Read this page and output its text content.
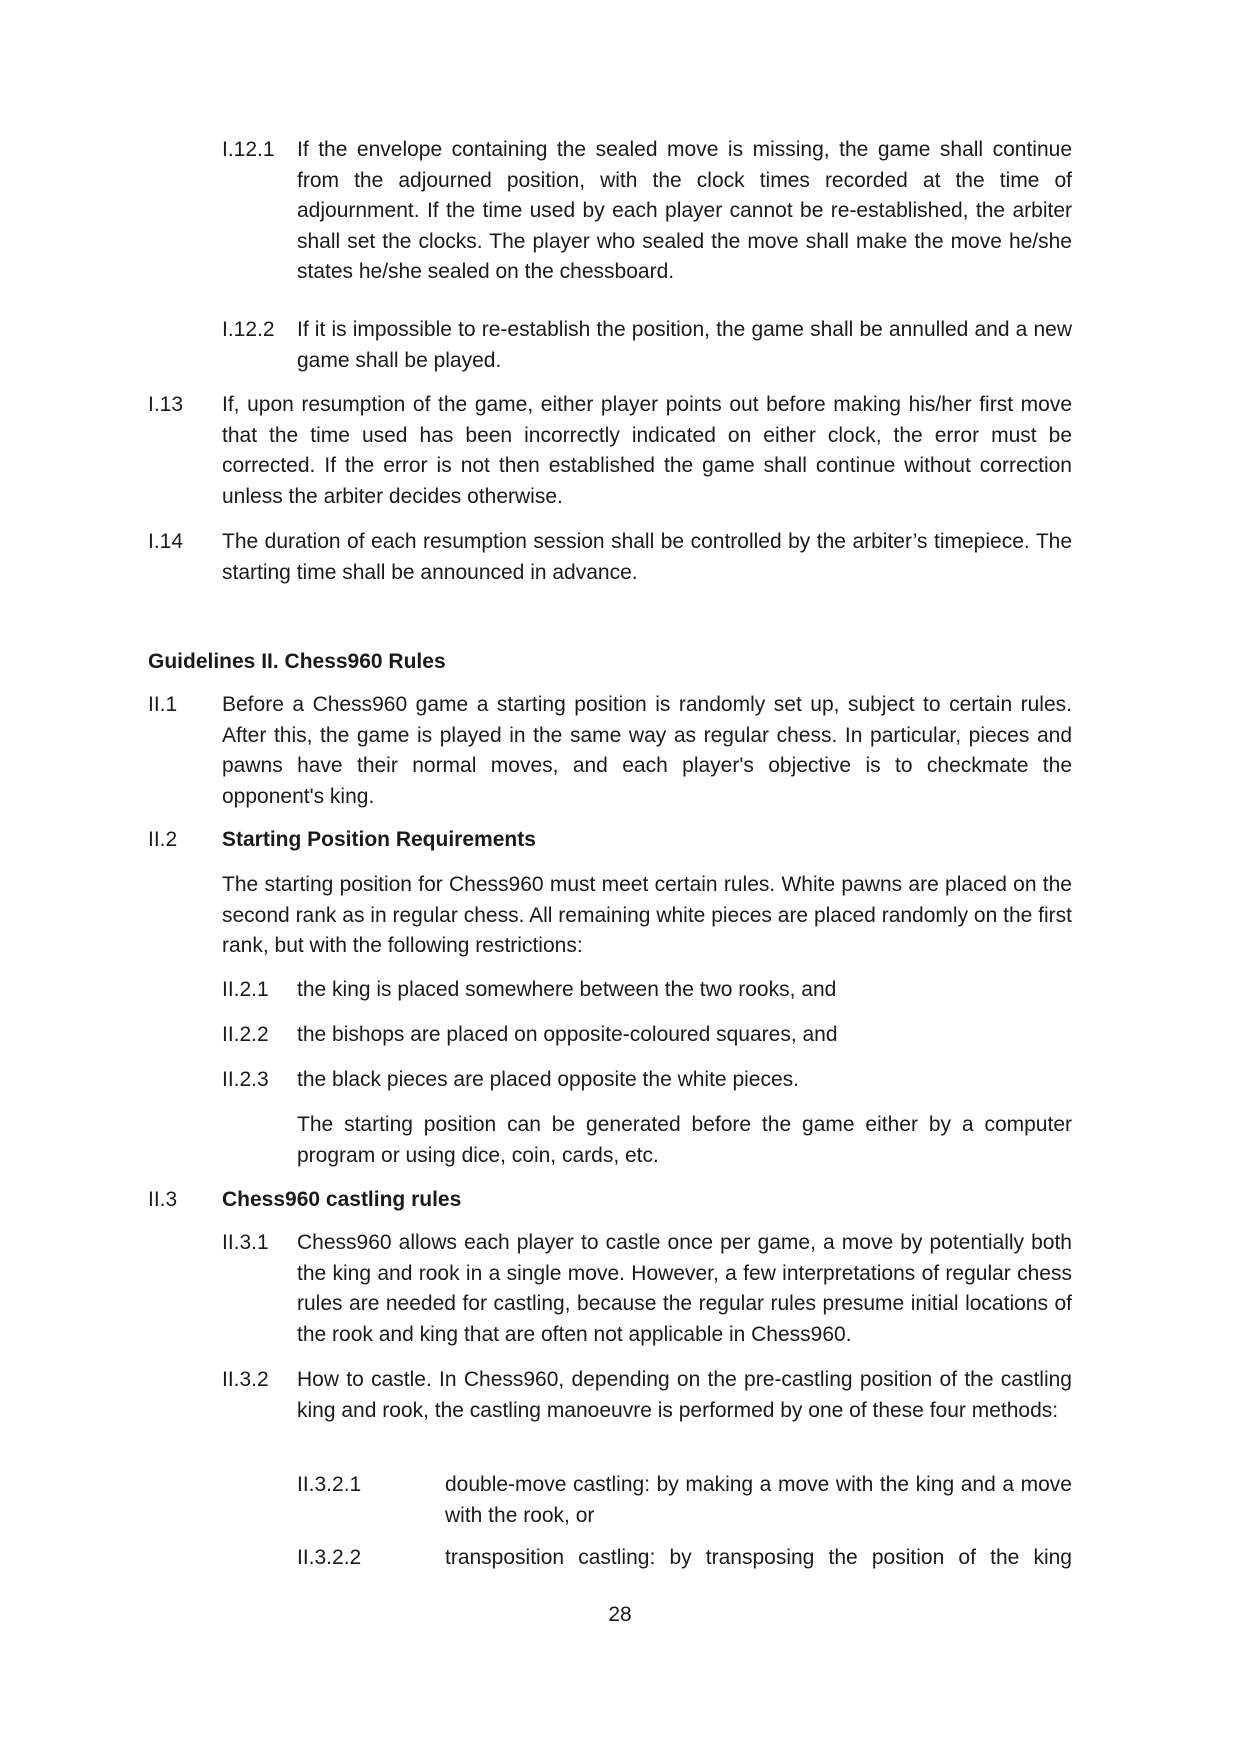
I.12.1 If the envelope containing the sealed move is missing, the game shall continue from the adjourned position, with the clock times recorded at the time of adjournment. If the time used by each player cannot be re-established, the arbiter shall set the clocks. The player who sealed the move shall make the move he/she states he/she sealed on the chessboard.
I.12.2 If it is impossible to re-establish the position, the game shall be annulled and a new game shall be played.
I.13 If, upon resumption of the game, either player points out before making his/her first move that the time used has been incorrectly indicated on either clock, the error must be corrected. If the error is not then established the game shall continue without correction unless the arbiter decides otherwise.
I.14 The duration of each resumption session shall be controlled by the arbiter’s timepiece. The starting time shall be announced in advance.
Guidelines II. Chess960 Rules
II.1 Before a Chess960 game a starting position is randomly set up, subject to certain rules. After this, the game is played in the same way as regular chess. In particular, pieces and pawns have their normal moves, and each player's objective is to checkmate the opponent's king.
II.2 Starting Position Requirements
The starting position for Chess960 must meet certain rules. White pawns are placed on the second rank as in regular chess. All remaining white pieces are placed randomly on the first rank, but with the following restrictions:
II.2.1 the king is placed somewhere between the two rooks, and
II.2.2 the bishops are placed on opposite-coloured squares, and
II.2.3 the black pieces are placed opposite the white pieces.
The starting position can be generated before the game either by a computer program or using dice, coin, cards, etc.
II.3 Chess960 castling rules
II.3.1 Chess960 allows each player to castle once per game, a move by potentially both the king and rook in a single move. However, a few interpretations of regular chess rules are needed for castling, because the regular rules presume initial locations of the rook and king that are often not applicable in Chess960.
II.3.2 How to castle. In Chess960, depending on the pre-castling position of the castling king and rook, the castling manoeuvre is performed by one of these four methods:
II.3.2.1	double-move castling: by making a move with the king and a move with the rook, or
II.3.2.2	transposition castling: by transposing the position of the king
28
